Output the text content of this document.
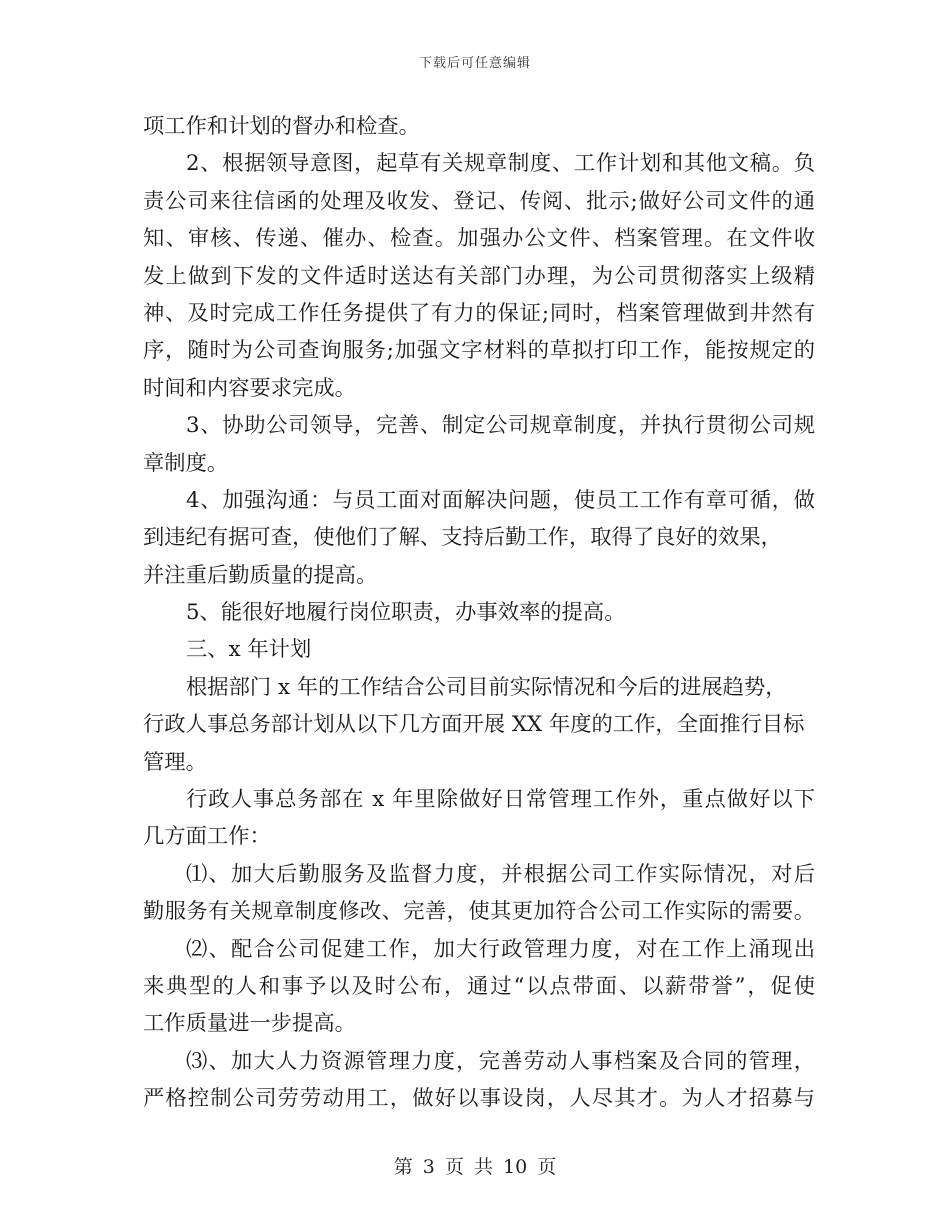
下载后可任意编辑
项工作和计划的督办和检查。
2、根据领导意图，起草有关规章制度、工作计划和其他文稿。负
责公司来往信函的处理及收发、登记、传阅、批示;做好公司文件的通
知、审核、传递、催办、检查。加强办公文件、档案管理。在文件收
发上做到下发的文件适时送达有关部门办理，为公司贯彻落实上级精
神、及时完成工作任务提供了有力的保证;同时，档案管理做到井然有
序，随时为公司查询服务;加强文字材料的草拟打印工作，能按规定的
时间和内容要求完成。
3、协助公司领导，完善、制定公司规章制度，并执行贯彻公司规
章制度。
4、加强沟通：与员工面对面解决问题，使员工工作有章可循，做
到违纪有据可查，使他们了解、支持后勤工作，取得了良好的效果，
并注重后勤质量的提高。
5、能很好地履行岗位职责，办事效率的提高。
三、x 年计划
根据部门 x 年的工作结合公司目前实际情况和今后的进展趋势，
行政人事总务部计划从以下几方面开展 XX 年度的工作，全面推行目标
管理。
行政人事总务部在 x 年里除做好日常管理工作外，重点做好以下
几方面工作：
⑴、加大后勤服务及监督力度，并根据公司工作实际情况，对后
勤服务有关规章制度修改、完善，使其更加符合公司工作实际的需要。
⑵、配合公司促建工作，加大行政管理力度，对在工作上涌现出
来典型的人和事予以及时公布，通过“以点带面、以薪带誉”，促使
工作质量进一步提高。
⑶、加大人力资源管理力度，完善劳动人事档案及合同的管理，
严格控制公司劳劳动用工，做好以事设岗，人尽其才。为人才招募与
第 3 页 共 10 页
